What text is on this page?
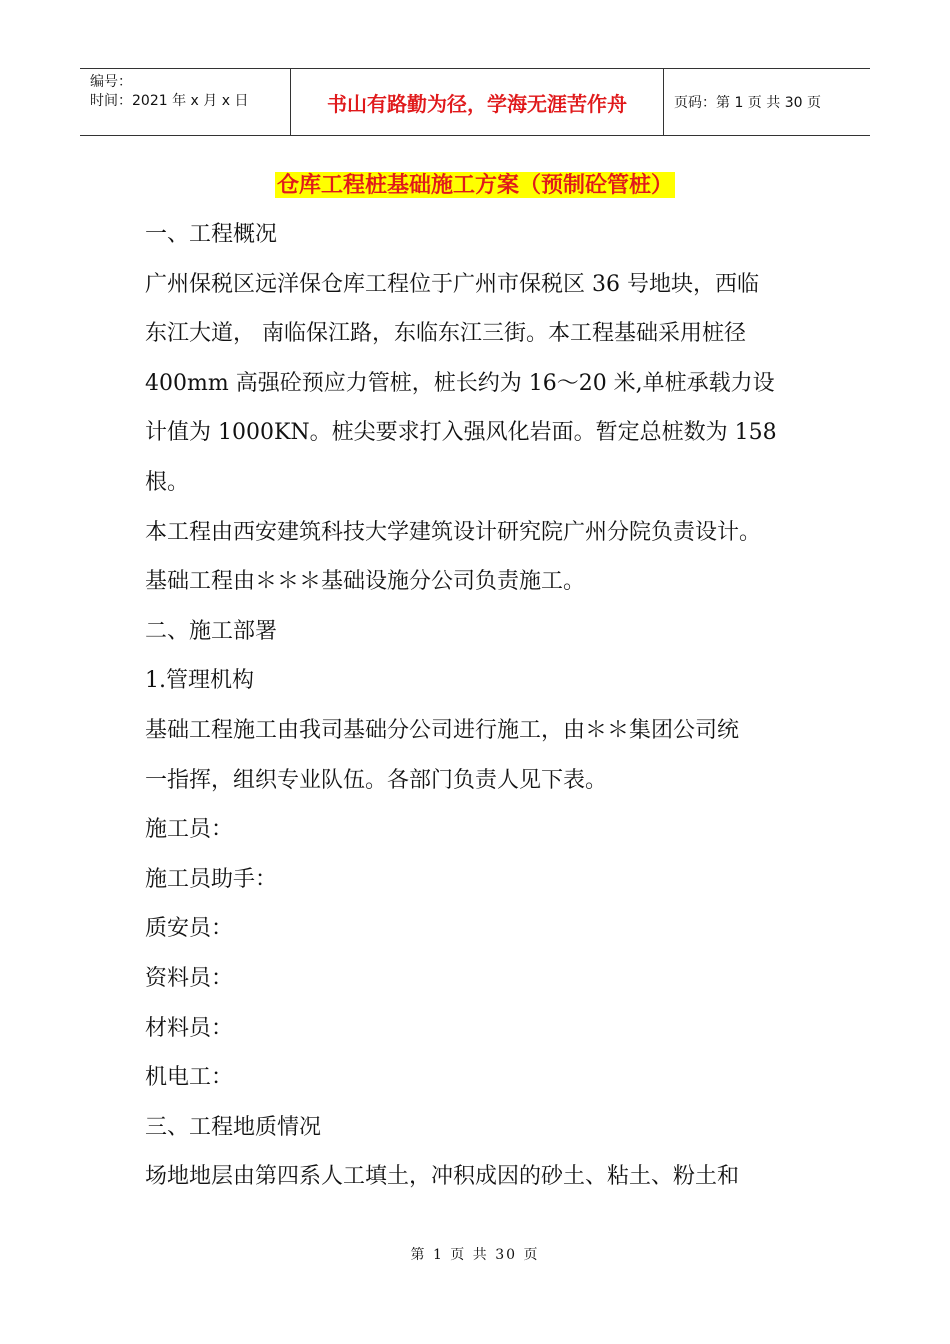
编号：
时间：2021 年 x 月 x 日	书山有路勤为径，学海无涯苦作舟	页码：第 1 页 共 30 页
仓库工程桩基础施工方案（预制砼管桩）
一、工程概况
广州保税区远洋保仓库工程位于广州市保税区 36 号地块，西临
东江大道， 南临保江路，东临东江三街。本工程基础采用桩径
400mm 高强砼预应力管桩，桩长约为 16～20 米,单桩承载力设
计值为 1000KN。桩尖要求打入强风化岩面。暂定总桩数为 158
根。
本工程由西安建筑科技大学建筑设计研究院广州分院负责设计。
基础工程由＊＊＊基础设施分公司负责施工。
二、施工部署
1.管理机构
基础工程施工由我司基础分公司进行施工，由＊＊集团公司统
一指挥，组织专业队伍。各部门负责人见下表。
施工员：
施工员助手：
质安员：
资料员：
材料员：
机电工：
三、工程地质情况
场地地层由第四系人工填土，冲积成因的砂土、粘土、粉土和
第 1 页 共 30 页
